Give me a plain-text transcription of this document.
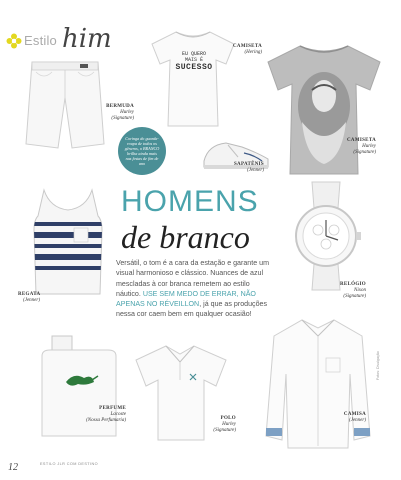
Estilo him
BERMUDA
Hurley
(Signature)
EU QUERO
MAIS É
SUCESSO
CAMISETA
(Hering)
CAMISETA
Hurley
(Signature)
SAPATÊNIS
(Jenner)
Coringa do guarda-roupa de todos os gêneros, o BRANCO brilha ainda mais nas festas de fim de ano
REGATA
(Jenner)
HOMENS
de branco
Versátil, o tom é a cara da estação e garante um visual harmonioso e clássico. Nuances de azul mescladas à cor branca remetem ao estilo náutico. USE SEM MEDO DE ERRAR, NÃO APENAS NO RÉVEILLON, já que as produções nessa cor caem bem em qualquer ocasião!
RELÓGIO
Nixon
(Signature)
PERFUME
Lacoste
(Nossa Perfumaria)	POLO
Hurley
(Signature)
CAMISA
(Jenner)
12	ESTILO JLR COM DESTINO
Fotos: Divulgação
